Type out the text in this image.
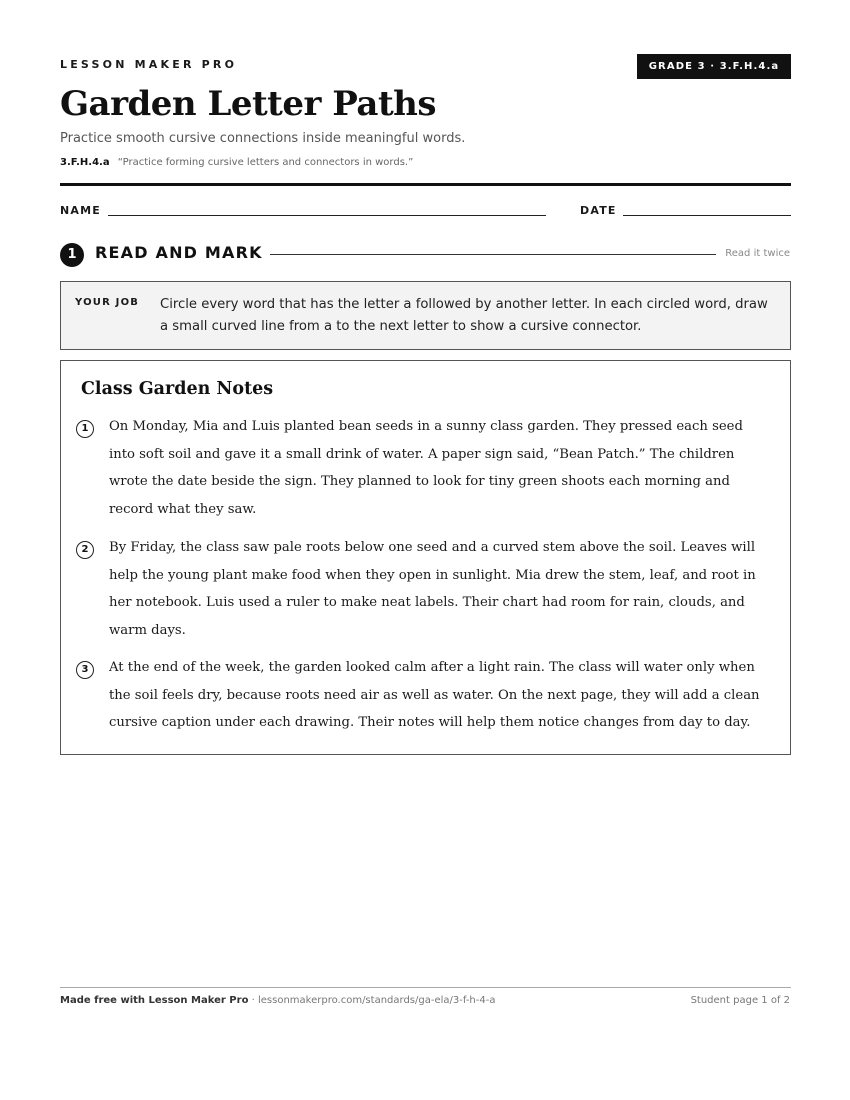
LESSON MAKER PRO	GRADE 3 · 3.F.H.4.a
Garden Letter Paths
Practice smooth cursive connections inside meaningful words.
3.F.H.4.a “Practice forming cursive letters and connectors in words.”
NAME	DATE
1	READ AND MARK	Read it twice
YOUR JOB Circle every word that has the letter a followed by another letter. In each circled word, draw a small curved line from a to the next letter to show a cursive connector.
Class Garden Notes
1	On Monday, Mia and Luis planted bean seeds in a sunny class garden. They pressed each seed into soft soil and gave it a small drink of water. A paper sign said, “Bean Patch.” The children wrote the date beside the sign. They planned to look for tiny green shoots each morning and record what they saw.

2	By Friday, the class saw pale roots below one seed and a curved stem above the soil. Leaves will help the young plant make food when they open in sunlight. Mia drew the stem, leaf, and root in her notebook. Luis used a ruler to make neat labels. Their chart had room for rain, clouds, and warm days.

3	At the end of the week, the garden looked calm after a light rain. The class will water only when the soil feels dry, because roots need air as well as water. On the next page, they will add a clean cursive caption under each drawing. Their notes will help them notice changes from day to day.

Made free with Lesson Maker Pro · lessonmakerpro.com/standards/ga-ela/3-f-h-4-a	Student page 1 of 2
